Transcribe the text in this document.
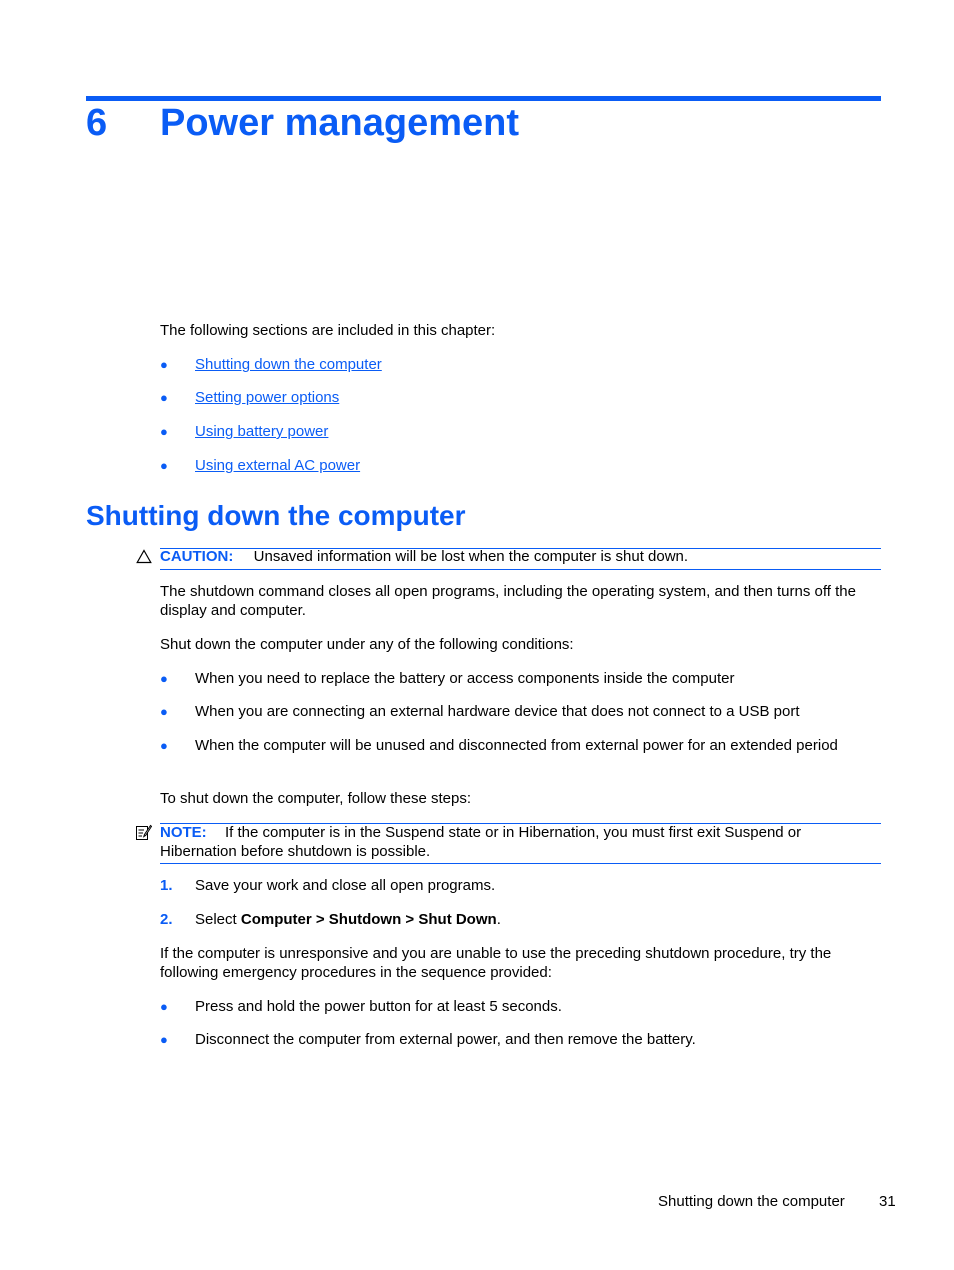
6 Power management
The following sections are included in this chapter:
● Shutting down the computer
● Setting power options
● Using battery power
● Using external AC power
Shutting down the computer
CAUTION: Unsaved information will be lost when the computer is shut down.
The shutdown command closes all open programs, including the operating system, and then turns off the display and computer.
Shut down the computer under any of the following conditions:
● When you need to replace the battery or access components inside the computer
● When you are connecting an external hardware device that does not connect to a USB port
● When the computer will be unused and disconnected from external power for an extended period
To shut down the computer, follow these steps:
NOTE: If the computer is in the Suspend state or in Hibernation, you must first exit Suspend or Hibernation before shutdown is possible.
1. Save your work and close all open programs.
2. Select Computer > Shutdown > Shut Down.
If the computer is unresponsive and you are unable to use the preceding shutdown procedure, try the following emergency procedures in the sequence provided:
● Press and hold the power button for at least 5 seconds.
● Disconnect the computer from external power, and then remove the battery.
Shutting down the computer 31
